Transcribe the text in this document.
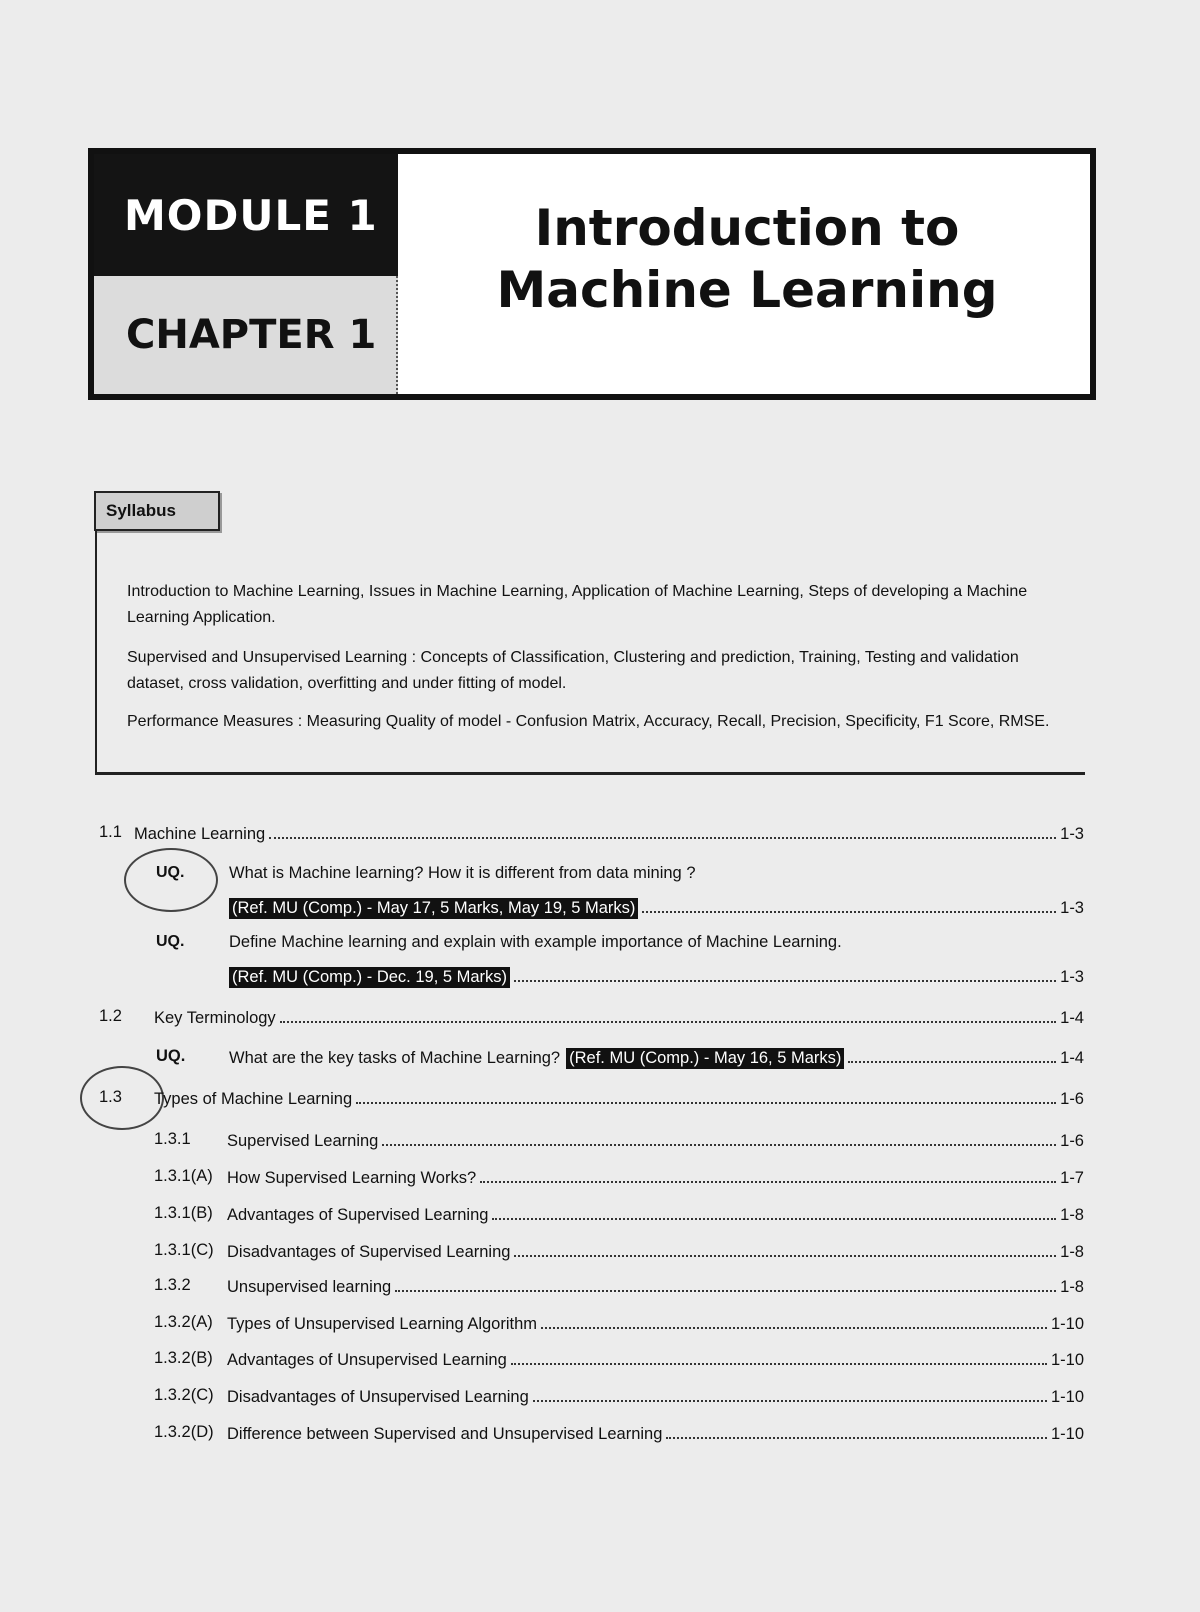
MODULE 1
CHAPTER 1
Introduction to Machine Learning
Syllabus
Introduction to Machine Learning, Issues in Machine Learning, Application of Machine Learning, Steps of developing a Machine Learning Application.
Supervised and Unsupervised Learning : Concepts of Classification, Clustering and prediction, Training, Testing and validation dataset, cross validation, overfitting and under fitting of model.
Performance Measures : Measuring Quality of model - Confusion Matrix, Accuracy, Recall, Precision, Specificity, F1 Score, RMSE.
1.1 Machine Learning	1-3
UQ.	What is Machine learning? How it is different from data mining ?
(Ref. MU (Comp.) - May 17, 5 Marks, May 19, 5 Marks)	1-3
UQ.	Define Machine learning and explain with example importance of Machine Learning.
(Ref. MU (Comp.) - Dec. 19, 5 Marks)	1-3
1.2 Key Terminology	1-4
UQ.	What are the key tasks of Machine Learning? (Ref. MU (Comp.) - May 16, 5 Marks)	1-4
1.3 Types of Machine Learning	1-6
1.3.1 Supervised Learning	1-6
1.3.1(A) How Supervised Learning Works?	1-7
1.3.1(B) Advantages of Supervised Learning	1-8
1.3.1(C) Disadvantages of Supervised Learning	1-8
1.3.2 Unsupervised learning	1-8
1.3.2(A) Types of Unsupervised Learning Algorithm	1-10
1.3.2(B) Advantages of Unsupervised Learning	1-10
1.3.2(C) Disadvantages of Unsupervised Learning	1-10
1.3.2(D) Difference between Supervised and Unsupervised Learning	1-10
